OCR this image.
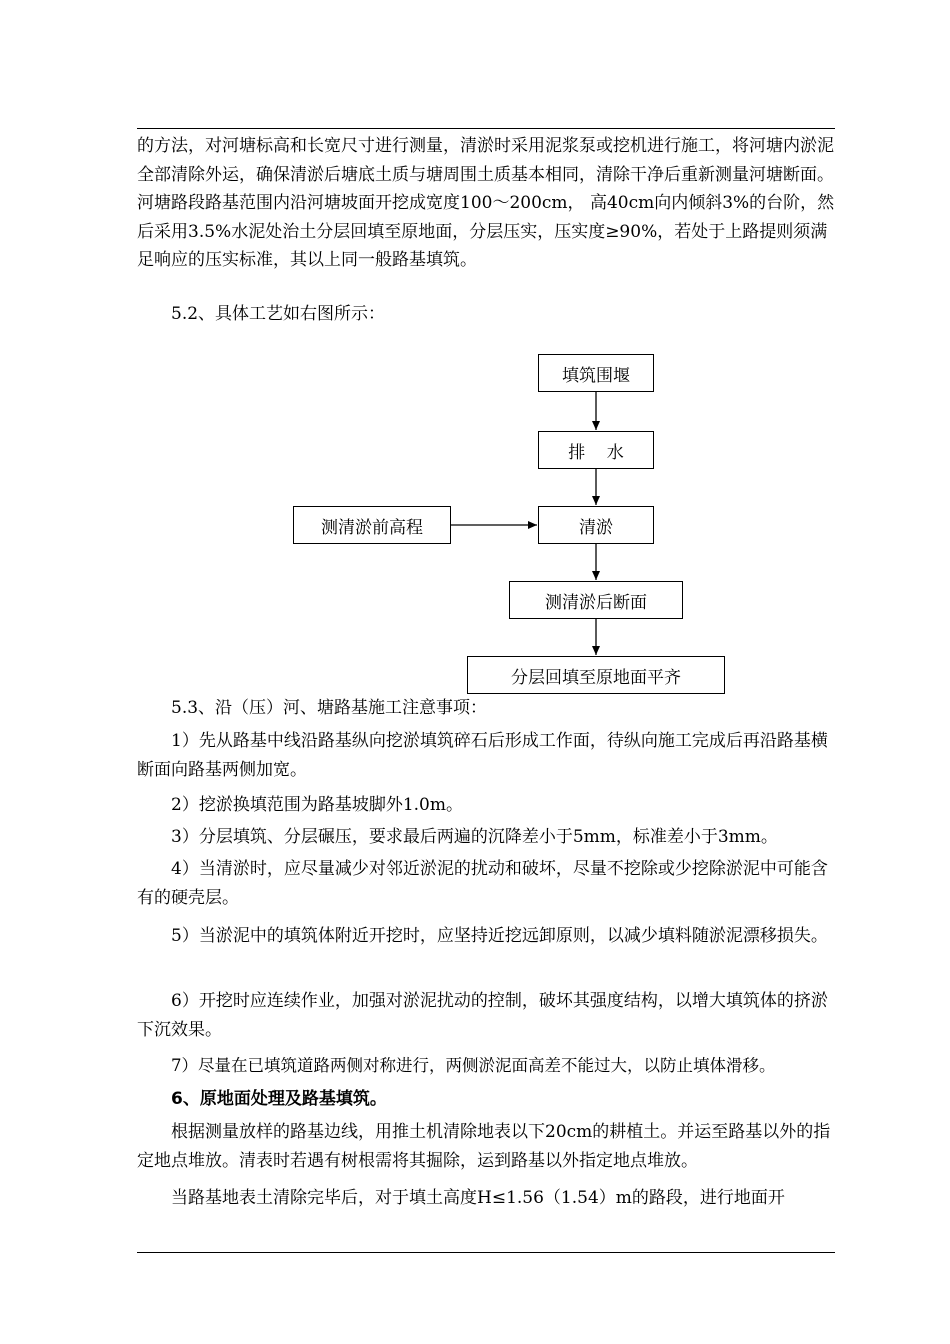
的方法，对河塘标高和长宽尺寸进行测量，清淤时采用泥浆泵或挖机进行施工，将河塘内淤泥全部清除外运，确保清淤后塘底土质与塘周围土质基本相同，清除干净后重新测量河塘断面。河塘路段路基范围内沿河塘坡面开挖成宽度100～200cm， 高40cm向内倾斜3%的台阶，然后采用3.5%水泥处治土分层回填至原地面，分层压实，压实度≥90%，若处于上路提则须满足响应的压实标准，其以上同一般路基填筑。

5.2、具体工艺如右图所示：

填筑围堰
排    水
清淤
测清淤前高程
测清淤后断面
分层回填至原地面平齐

5.3、沿（压）河、塘路基施工注意事项：

1）先从路基中线沿路基纵向挖淤填筑碎石后形成工作面，待纵向施工完成后再沿路基横断面向路基两侧加宽。

2）挖淤换填范围为路基坡脚外1.0m。

3）分层填筑、分层碾压，要求最后两遍的沉降差小于5mm，标准差小于3mm。

4）当清淤时，应尽量减少对邻近淤泥的扰动和破坏，尽量不挖除或少挖除淤泥中可能含有的硬壳层。

5）当淤泥中的填筑体附近开挖时，应坚持近挖远卸原则，以减少填料随淤泥漂移损失。

6）开挖时应连续作业，加强对淤泥扰动的控制，破坏其强度结构，以增大填筑体的挤淤下沉效果。

7）尽量在已填筑道路两侧对称进行，两侧淤泥面高差不能过大，以防止填体滑移。

6、原地面处理及路基填筑。

根据测量放样的路基边线，用推土机清除地表以下20cm的耕植土。并运至路基以外的指定地点堆放。清表时若遇有树根需将其掘除，运到路基以外指定地点堆放。

当路基地表土清除完毕后，对于填土高度H≤1.56（1.54）m的路段，进行地面开
